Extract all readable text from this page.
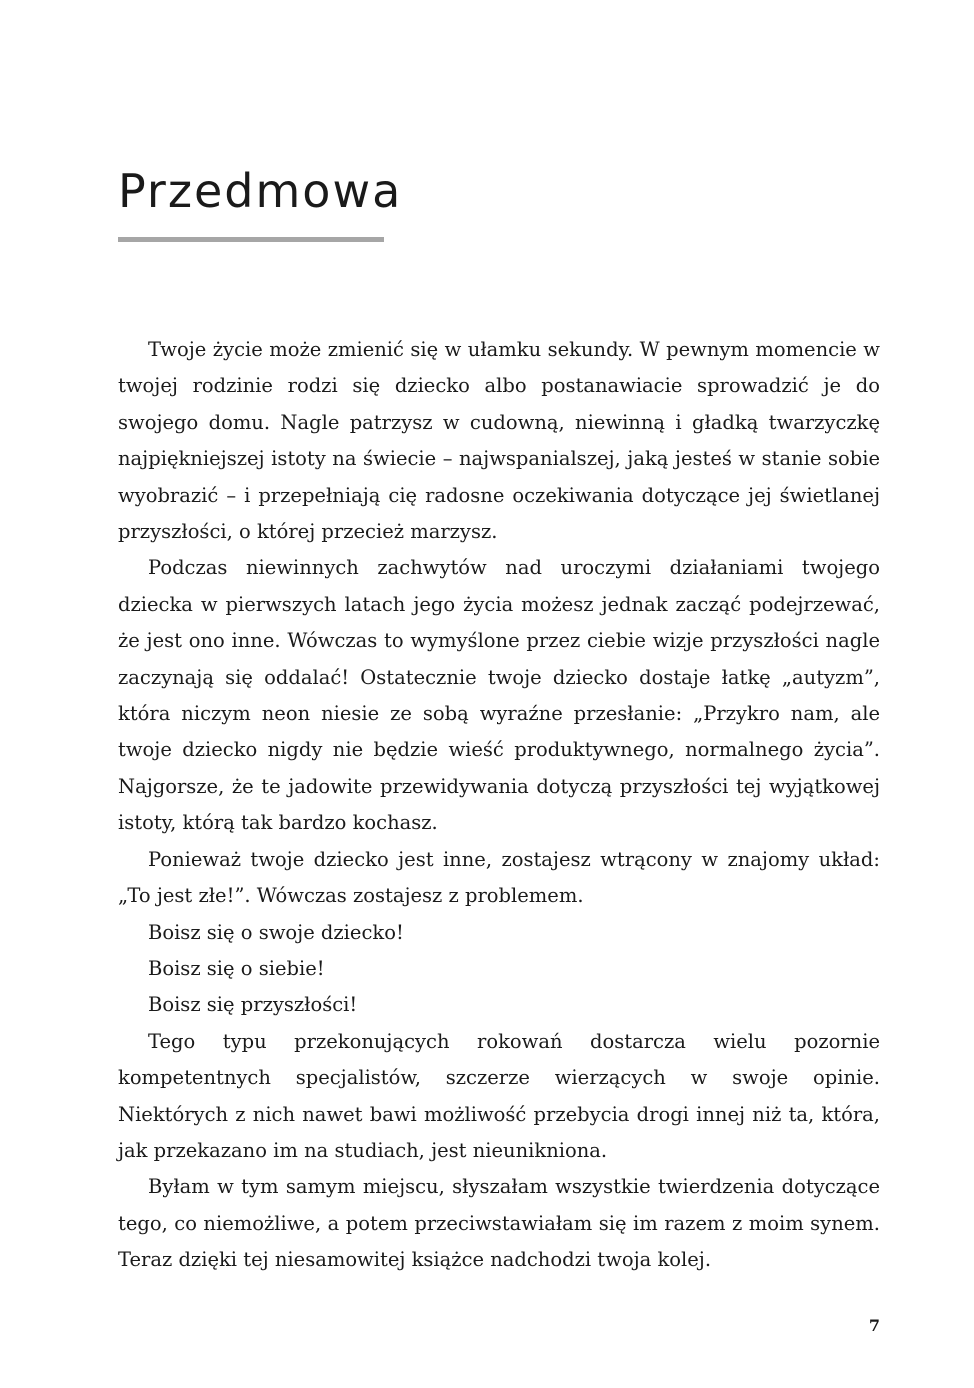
Przedmowa

Twoje życie może zmienić się w ułamku sekundy. W pewnym momencie w twojej rodzinie rodzi się dziecko albo postanawiacie sprowadzić je do swojego domu. Nagle patrzysz w cudowną, niewinną i gładką twarzyczkę najpiękniejszej istoty na świecie – najwspanialszej, jaką jesteś w stanie sobie wyobrazić – i przepełniają cię radosne oczekiwania dotyczące jej świetlanej przyszłości, o której przecież marzysz.

Podczas niewinnych zachwytów nad uroczymi działaniami twojego dziecka w pierwszych latach jego życia możesz jednak zacząć podejrzewać, że jest ono inne. Wówczas to wymyślone przez ciebie wizje przyszłości nagle zaczynają się oddalać! Ostatecznie twoje dziecko dostaje łatkę „autyzm”, która niczym neon niesie ze sobą wyraźne przesłanie: „Przykro nam, ale twoje dziecko nigdy nie będzie wieść produktywnego, normalnego życia”. Najgorsze, że te jadowite przewidywania dotyczą przyszłości tej wyjątkowej istoty, którą tak bardzo kochasz.

Ponieważ twoje dziecko jest inne, zostajesz wtrącony w znajomy układ: „To jest złe!”. Wówczas zostajesz z problemem.

Boisz się o swoje dziecko!

Boisz się o siebie!

Boisz się przyszłości!

Tego typu przekonujących rokowań dostarcza wielu pozornie kompetentnych specjalistów, szczerze wierzących w swoje opinie. Niektórych z nich nawet bawi możliwość przebycia drogi innej niż ta, która, jak przekazano im na studiach, jest nieunikniona.

Byłam w tym samym miejscu, słyszałam wszystkie twierdzenia dotyczące tego, co niemożliwe, a potem przeciwstawiałam się im razem z moim synem. Teraz dzięki tej niesamowitej książce nadchodzi twoja kolej.

7
